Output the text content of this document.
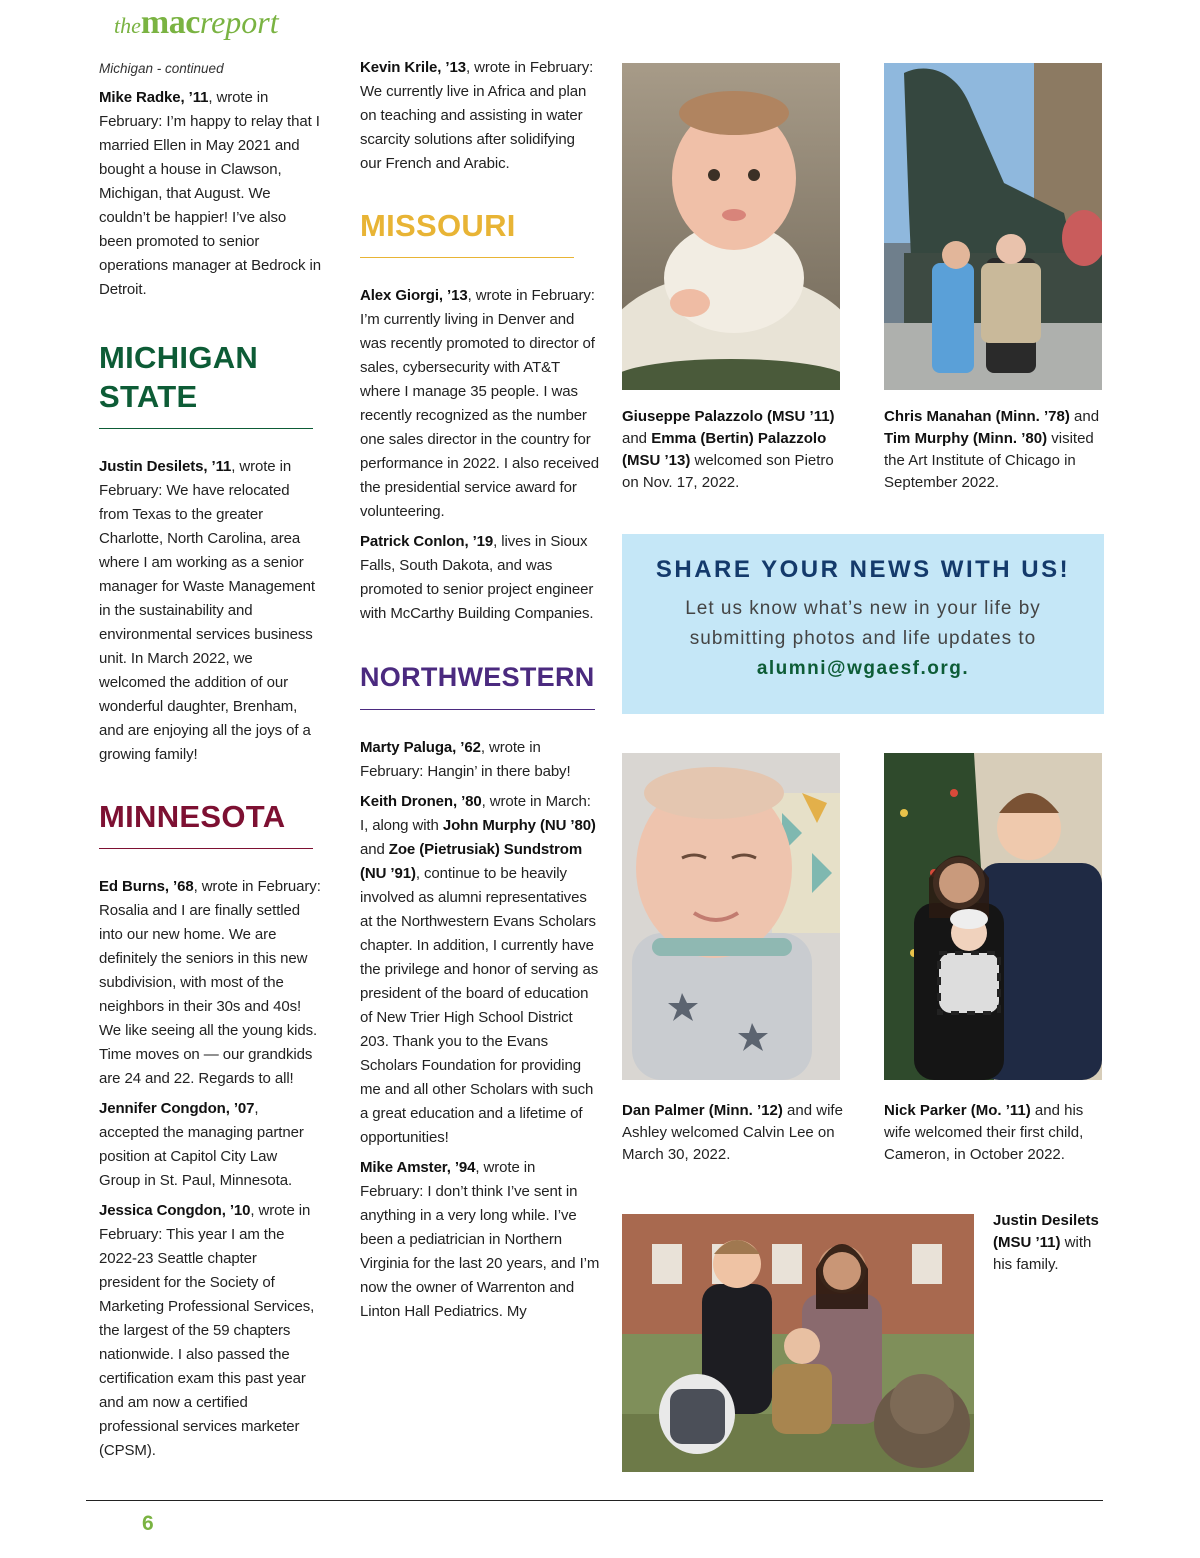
themacreport
Michigan - continued

Mike Radke, ’11, wrote in February: I’m happy to relay that I married Ellen in May 2021 and bought a house in Clawson, Michigan, that August. We couldn’t be happier! I’ve also been promoted to senior operations manager at Bedrock in Detroit.

MICHIGAN STATE

Justin Desilets, ’11, wrote in February: We have relocated from Texas to the greater Charlotte, North Carolina, area where I am working as a senior manager for Waste Management in the sustainability and environmental services business unit. In March 2022, we welcomed the addition of our wonderful daughter, Brenham, and are enjoying all the joys of a growing family!

MINNESOTA

Ed Burns, ’68, wrote in February: Rosalia and I are finally settled into our new home. We are definitely the seniors in this new subdivision, with most of the neighbors in their 30s and 40s! We like seeing all the young kids. Time moves on — our grandkids are 24 and 22. Regards to all!

Jennifer Congdon, ’07, accepted the managing partner position at Capitol City Law Group in St. Paul, Minnesota.

Jessica Congdon, ’10, wrote in February: This year I am the 2022-23 Seattle chapter president for the Society of Marketing Professional Services, the largest of the 59 chapters nationwide. I also passed the certification exam this past year and am now a certified professional services marketer (CPSM).

Kevin Krile, ’13, wrote in February: We currently live in Africa and plan on teaching and assisting in water scarcity solutions after solidifying our French and Arabic.

MISSOURI

Alex Giorgi, ’13, wrote in February: I’m currently living in Denver and was recently promoted to director of sales, cybersecurity with AT&T where I manage 35 people. I was recently recognized as the number one sales director in the country for performance in 2022. I also received the presidential service award for volunteering.

Patrick Conlon, ’19, lives in Sioux Falls, South Dakota, and was promoted to senior project engineer with McCarthy Building Companies.

NORTHWESTERN

Marty Paluga, ’62, wrote in February: Hangin’ in there baby!

Keith Dronen, ’80, wrote in March: I, along with John Murphy (NU ’80) and Zoe (Pietrusiak) Sundstrom (NU ’91), continue to be heavily involved as alumni representatives at the Northwestern Evans Scholars chapter. In addition, I currently have the privilege and honor of serving as president of the board of education of New Trier High School District 203. Thank you to the Evans Scholars Foundation for providing me and all other Scholars with such a great education and a lifetime of opportunities!

Mike Amster, ’94, wrote in February: I don’t think I’ve sent in anything in a very long while. I’ve been a pediatrician in Northern Virginia for the last 20 years, and I’m now the owner of Warrenton and Linton Hall Pediatrics. My

Giuseppe Palazzolo (MSU ’11) and Emma (Bertin) Palazzolo (MSU ’13) welcomed son Pietro on Nov. 17, 2022.
Chris Manahan (Minn. ’78) and Tim Murphy (Minn. ’80) visited the Art Institute of Chicago in September 2022.
SHARE YOUR NEWS WITH US!
Let us know what’s new in your life by submitting photos and life updates to
alumni@wgaesf.org.
Dan Palmer (Minn. ’12) and wife Ashley welcomed Calvin Lee on March 30, 2022.
Nick Parker (Mo. ’11) and his wife welcomed their first child, Cameron, in October 2022.
Justin Desilets (MSU ’11) with his family.
6
